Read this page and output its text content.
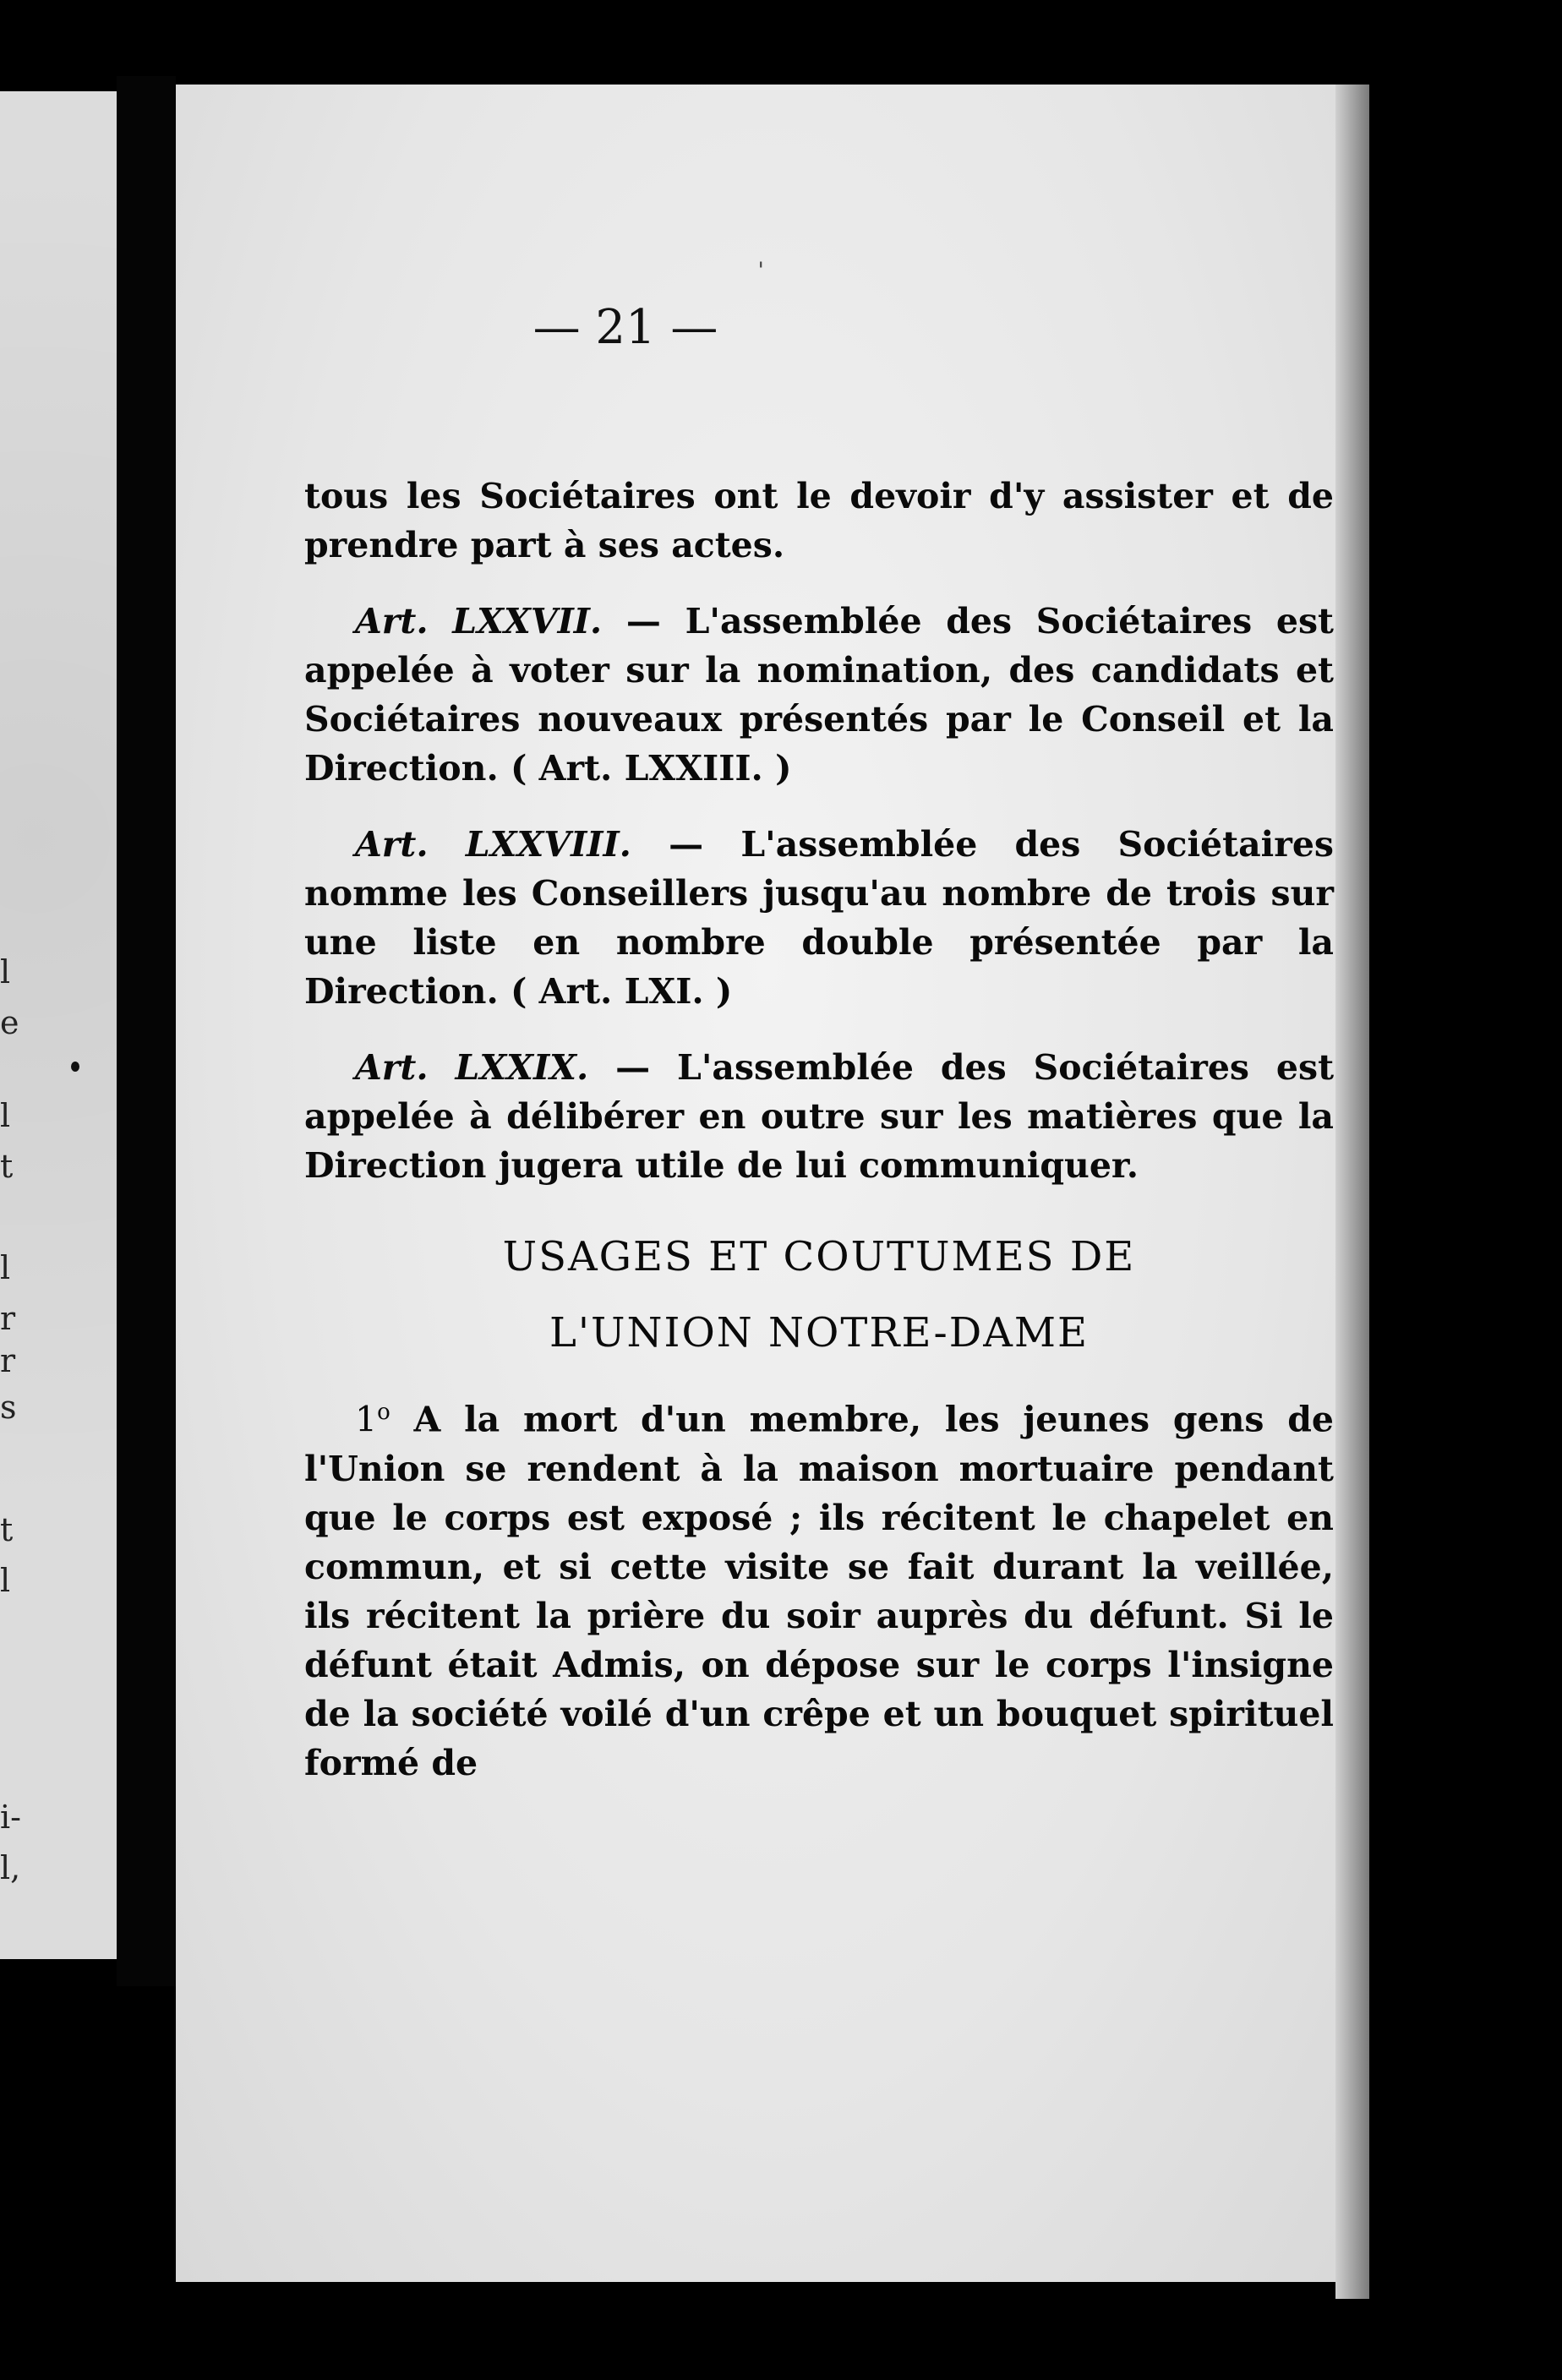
l
e
l
t
l
r
r
s
t
l
i-
l,
ˌ
— 21 —

tous les Sociétaires ont le devoir d'y assister et de prendre part à ses actes.

Art. LXXVII. — L'assemblée des Sociétaires est appelée à voter sur la nomination, des candidats et Sociétaires nouveaux présentés par le Conseil et la Direction. ( Art. LXXIII. )

Art. LXXVIII. — L'assemblée des Sociétaires nomme les Conseillers jusqu'au nombre de trois sur une liste en nombre double présentée par la Direction. ( Art. LXI. )

Art. LXXIX. — L'assemblée des Sociétaires est appelée à délibérer en outre sur les matières que la Direction jugera utile de lui communiquer.

USAGES ET COUTUMES DE
L'UNION NOTRE-DAME

1$^o$ A la mort d'un membre, les jeunes gens de l'Union se rendent à la maison mortuaire pendant que le corps est exposé ; ils récitent le chapelet en commun, et si cette visite se fait durant la veillée, ils récitent la prière du soir auprès du défunt. Si le défunt était Admis, on dépose sur le corps l'insigne de la société voilé d'un crêpe et un bouquet spirituel formé de
